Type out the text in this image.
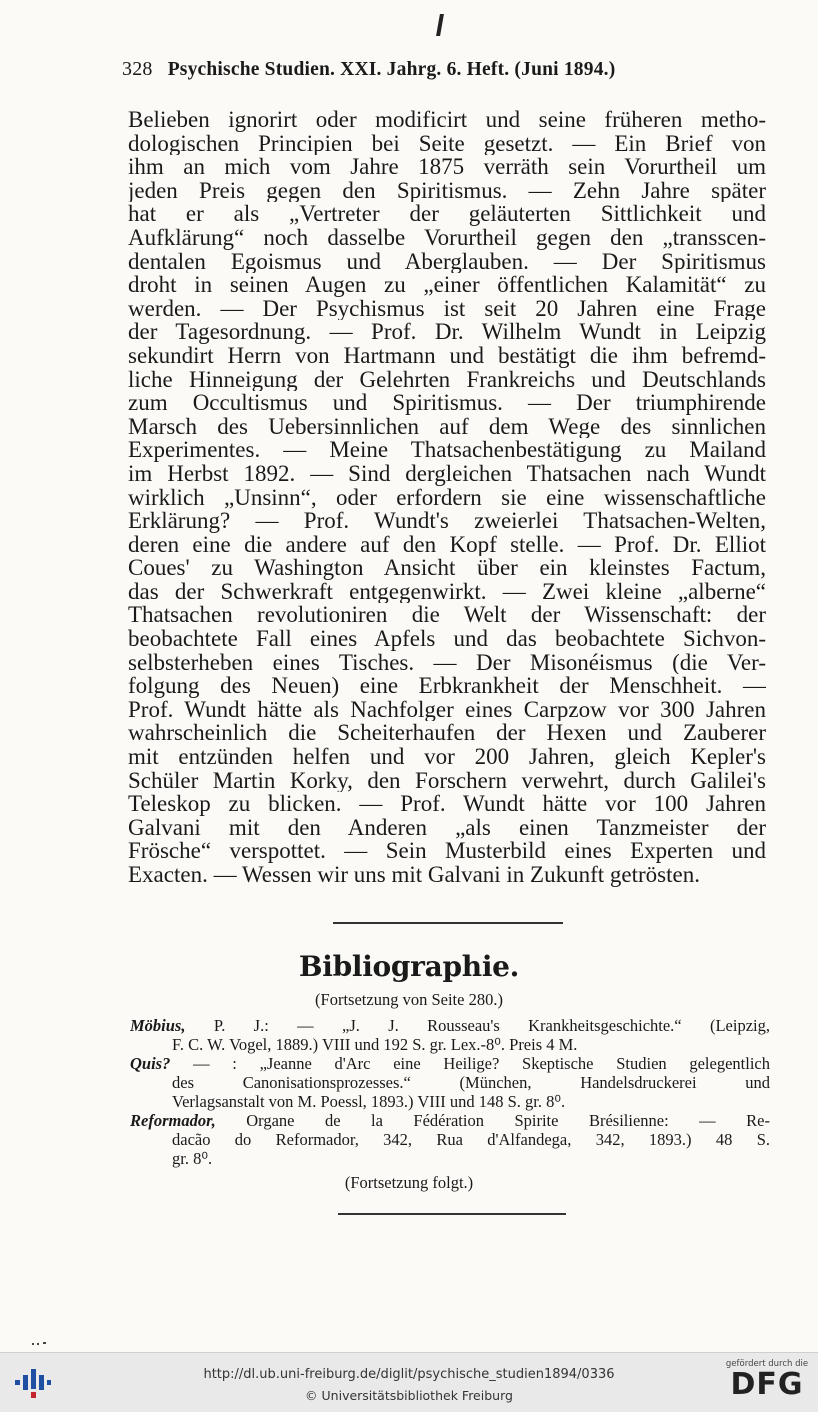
328 Psychische Studien. XXI. Jahrg. 6. Heft. (Juni 1894.)
Belieben ignorirt oder modificirt und seine früheren metho-
dologischen Principien bei Seite gesetzt. — Ein Brief von
ihm an mich vom Jahre 1875 verräth sein Vorurtheil um
jeden Preis gegen den Spiritismus. — Zehn Jahre später
hat er als „Vertreter der geläuterten Sittlichkeit und
Aufklärung“ noch dasselbe Vorurtheil gegen den „transscen-
dentalen Egoismus und Aberglauben. — Der Spiritismus
droht in seinen Augen zu „einer öffentlichen Kalamität“ zu
werden. — Der Psychismus ist seit 20 Jahren eine Frage
der Tagesordnung. — Prof. Dr. Wilhelm Wundt in Leipzig
sekundirt Herrn von Hartmann und bestätigt die ihm befremd-
liche Hinneigung der Gelehrten Frankreichs und Deutschlands
zum Occultismus und Spiritismus. — Der triumphirende
Marsch des Uebersinnlichen auf dem Wege des sinnlichen
Experimentes. — Meine Thatsachenbestätigung zu Mailand
im Herbst 1892. — Sind dergleichen Thatsachen nach Wundt
wirklich „Unsinn“, oder erfordern sie eine wissenschaftliche
Erklärung? — Prof. Wundt's zweierlei Thatsachen-Welten,
deren eine die andere auf den Kopf stelle. — Prof. Dr. Elliot
Coues' zu Washington Ansicht über ein kleinstes Factum,
das der Schwerkraft entgegenwirkt. — Zwei kleine „alberne“
Thatsachen revolutioniren die Welt der Wissenschaft: der
beobachtete Fall eines Apfels und das beobachtete Sichvon-
selbsterheben eines Tisches. — Der Misonéismus (die Ver-
folgung des Neuen) eine Erbkrankheit der Menschheit. —
Prof. Wundt hätte als Nachfolger eines Carpzow vor 300 Jahren
wahrscheinlich die Scheiterhaufen der Hexen und Zauberer
mit entzünden helfen und vor 200 Jahren, gleich Kepler's
Schüler Martin Korky, den Forschern verwehrt, durch Galilei's
Teleskop zu blicken. — Prof. Wundt hätte vor 100 Jahren
Galvani mit den Anderen „als einen Tanzmeister der
Frösche“ verspottet. — Sein Musterbild eines Experten und
Exacten. — Wessen wir uns mit Galvani in Zukunft getrösten.
Bibliographie.
(Fortsetzung von Seite 280.)
Möbius, P. J.: — „J. J. Rousseau's Krankheitsgeschichte.“ (Leipzig,
F. C. W. Vogel, 1889.) VIII und 192 S. gr. Lex.-8⁰. Preis 4 M.
Quis? — : „Jeanne d'Arc eine Heilige? Skeptische Studien gelegentlich
des Canonisationsprozesses.“ (München, Handelsdruckerei und
Verlagsanstalt von M. Poessl, 1893.) VIII und 148 S. gr. 8⁰.
Reformador, Organe de la Fédération Spirite Brésilienne: — Re-
dacão do Reformador, 342, Rua d'Alfandega, 342, 1893.) 48 S.
gr. 8⁰.
(Fortsetzung folgt.)
http://dl.ub.uni-freiburg.de/diglit/psychische_studien1894/0336
© Universitätsbibliothek Freiburg
gefördert durch die
DFG
